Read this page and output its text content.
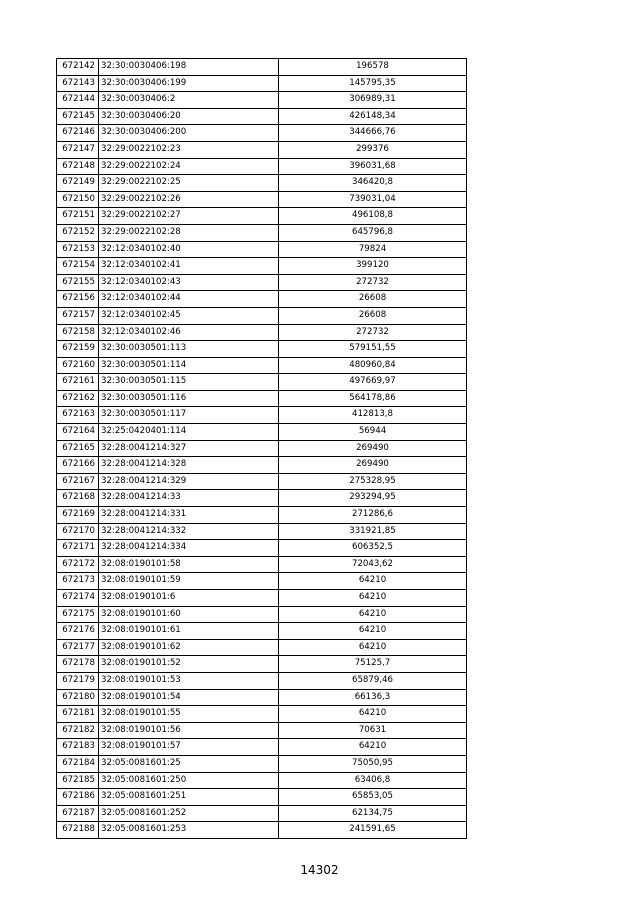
672142	32:30:0030406:198	196578
672143	32:30:0030406:199	145795,35
672144	32:30:0030406:2	306989,31
672145	32:30:0030406:20	426148,34
672146	32:30:0030406:200	344666,76
672147	32:29:0022102:23	299376
672148	32:29:0022102:24	396031,68
672149	32:29:0022102:25	346420,8
672150	32:29:0022102:26	739031,04
672151	32:29:0022102:27	496108,8
672152	32:29:0022102:28	645796,8
672153	32:12:0340102:40	79824
672154	32:12:0340102:41	399120
672155	32:12:0340102:43	272732
672156	32:12:0340102:44	26608
672157	32:12:0340102:45	26608
672158	32:12:0340102:46	272732
672159	32:30:0030501:113	579151,55
672160	32:30:0030501:114	480960,84
672161	32:30:0030501:115	497669,97
672162	32:30:0030501:116	564178,86
672163	32:30:0030501:117	412813,8
672164	32:25:0420401:114	56944
672165	32:28:0041214:327	269490
672166	32:28:0041214:328	269490
672167	32:28:0041214:329	275328,95
672168	32:28:0041214:33	293294,95
672169	32:28:0041214:331	271286,6
672170	32:28:0041214:332	331921,85
672171	32:28:0041214:334	606352,5
672172	32:08:0190101:58	72043,62
672173	32:08:0190101:59	64210
672174	32:08:0190101:6	64210
672175	32:08:0190101:60	64210
672176	32:08:0190101:61	64210
672177	32:08:0190101:62	64210
672178	32:08:0190101:52	75125,7
672179	32:08:0190101:53	65879,46
672180	32:08:0190101:54	66136,3
672181	32:08:0190101:55	64210
672182	32:08:0190101:56	70631
672183	32:08:0190101:57	64210
672184	32:05:0081601:25	75050,95
672185	32:05:0081601:250	63406,8
672186	32:05:0081601:251	65853,05
672187	32:05:0081601:252	62134,75
672188	32:05:0081601:253	241591,65
14302
